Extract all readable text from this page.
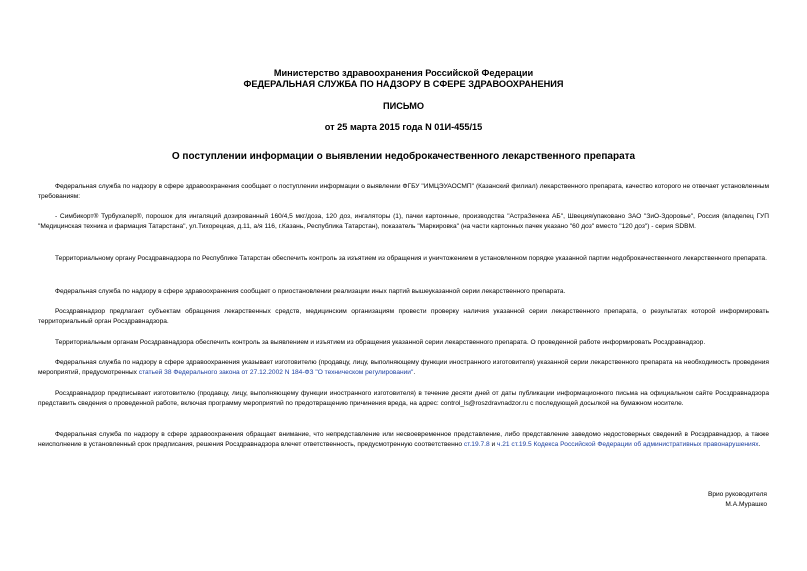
Министерство здравоохранения Российской Федерации
ФЕДЕРАЛЬНАЯ СЛУЖБА ПО НАДЗОРУ В СФЕРЕ ЗДРАВООХРАНЕНИЯ
ПИСЬМО
от 25 марта 2015 года N 01И-455/15
О поступлении информации о выявлении недоброкачественного лекарственного препарата

Федеральная служба по надзору в сфере здравоохранения сообщает о поступлении информации о выявлении ФГБУ "ИМЦЭУАОСМП" (Казанский филиал) лекарственного препарата, качество которого не отвечает установленным требованиям:

- Симбикорт® Турбухалер®, порошок для ингаляций дозированный 160/4,5 мкг/доза, 120 доз, ингаляторы (1), пачки картонные, производства "АстраЗенека АБ", Швеция/упаковано ЗАО "ЗиО-Здоровье", Россия (владелец ГУП "Медицинская техника и фармация Татарстана", ул.Тихорецкая, д.11, а/я 116, г.Казань, Республика Татарстан), показатель "Маркировка" (на части картонных пачек указано "60 доз" вместо "120 доз") - серия SDBM.

Территориальному органу Росздравнадзора по Республике Татарстан обеспечить контроль за изъятием из обращения и уничтожением в установленном порядке указанной партии недоброкачественного лекарственного препарата.

Федеральная служба по надзору в сфере здравоохранения сообщает о приостановлении реализации иных партий вышеуказанной серии лекарственного препарата.

Росздравнадзор предлагает субъектам обращения лекарственных средств, медицинским организациям провести проверку наличия указанной серии лекарственного препарата, о результатах которой информировать территориальный орган Росздравнадзора.

Территориальным органам Росздравнадзора обеспечить контроль за выявлением и изъятием из обращения указанной серии лекарственного препарата. О проведенной работе информировать Росздравнадзор.

Федеральная служба по надзору в сфере здравоохранения указывает изготовителю (продавцу, лицу, выполняющему функции иностранного изготовителя) указанной серии лекарственного препарата на необходимость проведения мероприятий, предусмотренных статьей 38 Федерального закона от 27.12.2002 N 184-ФЗ "О техническом регулировании".

Росздравнадзор предписывает изготовителю (продавцу, лицу, выполняющему функции иностранного изготовителя) в течение десяти дней от даты публикации информационного письма на официальном сайте Росздравнадзора представить сведения о проведенной работе, включая программу мероприятий по предотвращению причинения вреда, на адрес: control_ls@roszdravnadzor.ru с последующей досылкой на бумажном носителе.

Федеральная служба по надзору в сфере здравоохранения обращает внимание, что непредставление или несвоевременное представление, либо представление заведомо недостоверных сведений в Росздравнадзор, а также неисполнение в установленный срок предписания, решения Росздравнадзора влечет ответственность, предусмотренную соответственно ст.19.7.8 и ч.21 ст.19.5 Кодекса Российской Федерации об административных правонарушениях.

Врио руководителя
М.А.Мурашко
